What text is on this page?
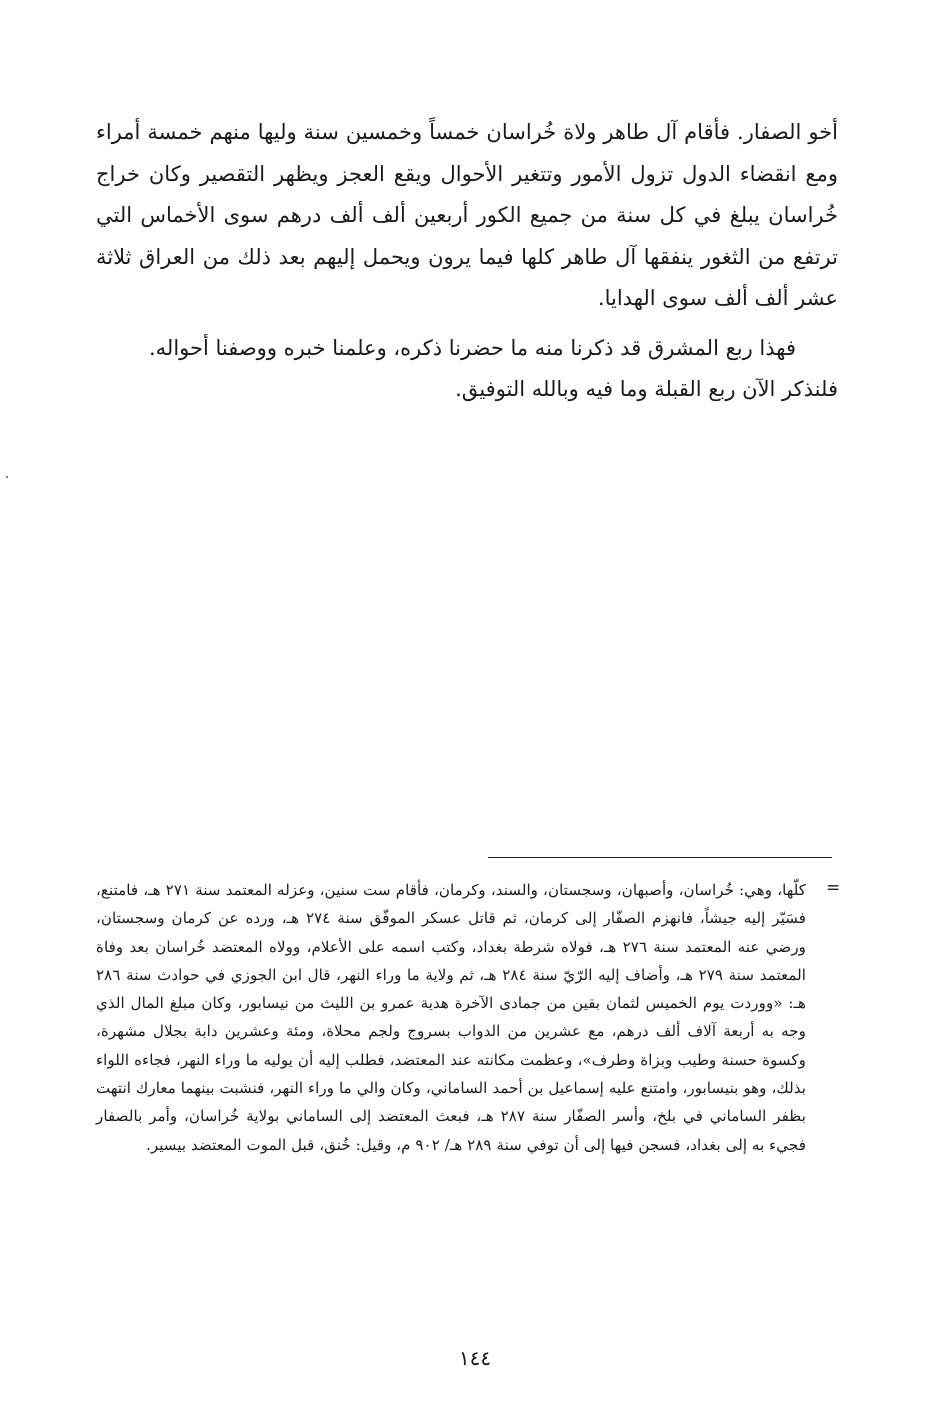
أخو الصفار. فأقام آل طاهر ولاة خُراسان خمساً وخمسين سنة وليها منهم خمسة أمراء ومع انقضاء الدول تزول الأمور وتتغير الأحوال ويقع العجز ويظهر التقصير وكان خراج خُراسان يبلغ في كل سنة من جميع الكور أربعين ألف ألف درهم سوى الأخماس التي ترتفع من الثغور ينفقها آل طاهر كلها فيما يرون ويحمل إليهم بعد ذلك من العراق ثلاثة عشر ألف ألف سوى الهدايا.

فهذا ربع المشرق قد ذكرنا منه ما حضرنا ذكره، وعلمنا خبره ووصفنا أحواله.

فلنذكر الآن ربع القبلة وما فيه وبالله التوفيق.

=

كلّها، وهي: خُراسان، وأصبهان، وسجستان، والسند، وكرمان، فأقام ست سنين، وعزله المعتمد سنة ٢٧١ هـ، فامتنع، فسَيّر إليه جيشاً، فانهزم الصفّار إلى كرمان، ثم قاتل عسكر الموفّق سنة ٢٧٤ هـ، ورده عن كرمان وسجستان، ورضي عنه المعتمد سنة ٢٧٦ هـ، فولاه شرطة بغداد، وكتب اسمه على الأعلام، وولاه المعتضد خُراسان بعد وفاة المعتمد سنة ٢٧٩ هـ، وأضاف إليه الرّيّ سنة ٢٨٤ هـ، ثم ولاية ما وراء النهر، قال ابن الجوزي في حوادث سنة ٢٨٦ هـ: «ووردت يوم الخميس لثمان بقين من جمادى الآخرة هدية عمرو بن الليث من نيسابور، وكان مبلغ المال الذي وجه به أربعة آلاف ألف درهم، مع عشرين من الدواب بسروج ولجم محلاة، ومئة وعشرين دابة بجلال مشهرة، وكسوة حسنة وطيب وبزاة وطرف»، وعظمت مكانته عند المعتضد، فطلب إليه أن يوليه ما وراء النهر، فجاءه اللواء بذلك، وهو بنيسابور، وامتنع عليه إسماعيل بن أحمد الساماني، وكان والي ما وراء النهر، فنشبت بينهما معارك انتهت بظفر الساماني في بلخ، وأسر الصفّار سنة ٢٨٧ هـ، فبعث المعتضد إلى الساماني بولاية خُراسان، وأمر بالصفار فجيء به إلى بغداد، فسجن فيها إلى أن توفي سنة ٢٨٩ هـ/ ٩٠٢ م، وقيل: خُنق، قبل الموت المعتضد بيسير.

١٤٤
